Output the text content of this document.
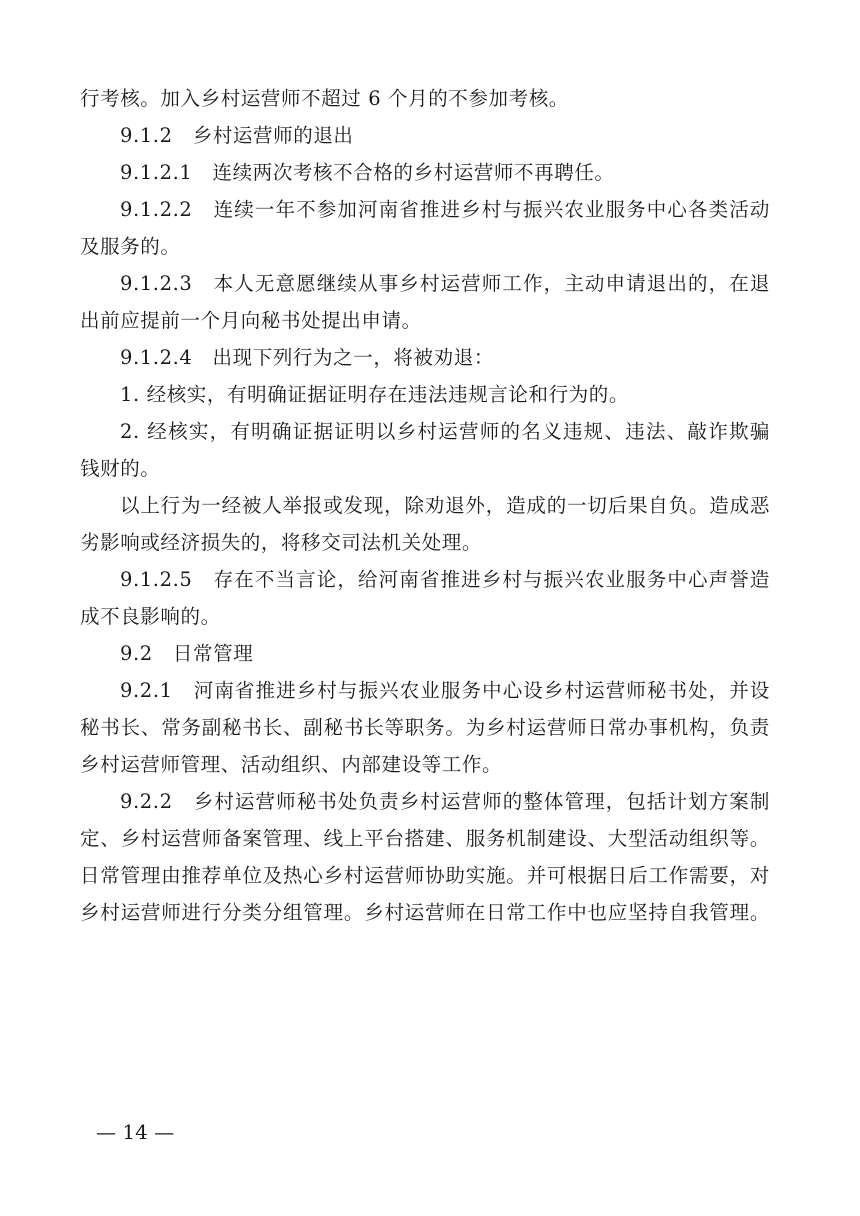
行考核。加入乡村运营师不超过 6 个月的不参加考核。
9.1.2　乡村运营师的退出
9.1.2.1　连续两次考核不合格的乡村运营师不再聘任。
9.1.2.2　连续一年不参加河南省推进乡村与振兴农业服务中心各类活动
及服务的。
9.1.2.3　本人无意愿继续从事乡村运营师工作，主动申请退出的，在退
出前应提前一个月向秘书处提出申请。
9.1.2.4　出现下列行为之一，将被劝退：
1. 经核实，有明确证据证明存在违法违规言论和行为的。
2. 经核实，有明确证据证明以乡村运营师的名义违规、违法、敲诈欺骗
钱财的。
以上行为一经被人举报或发现，除劝退外，造成的一切后果自负。造成恶
劣影响或经济损失的，将移交司法机关处理。
9.1.2.5　存在不当言论，给河南省推进乡村与振兴农业服务中心声誉造
成不良影响的。
9.2　日常管理
9.2.1　河南省推进乡村与振兴农业服务中心设乡村运营师秘书处，并设
秘书长、常务副秘书长、副秘书长等职务。为乡村运营师日常办事机构，负责
乡村运营师管理、活动组织、内部建设等工作。
9.2.2　乡村运营师秘书处负责乡村运营师的整体管理，包括计划方案制
定、乡村运营师备案管理、线上平台搭建、服务机制建设、大型活动组织等。
日常管理由推荐单位及热心乡村运营师协助实施。并可根据日后工作需要，对
乡村运营师进行分类分组管理。乡村运营师在日常工作中也应坚持自我管理。
— 14 —
